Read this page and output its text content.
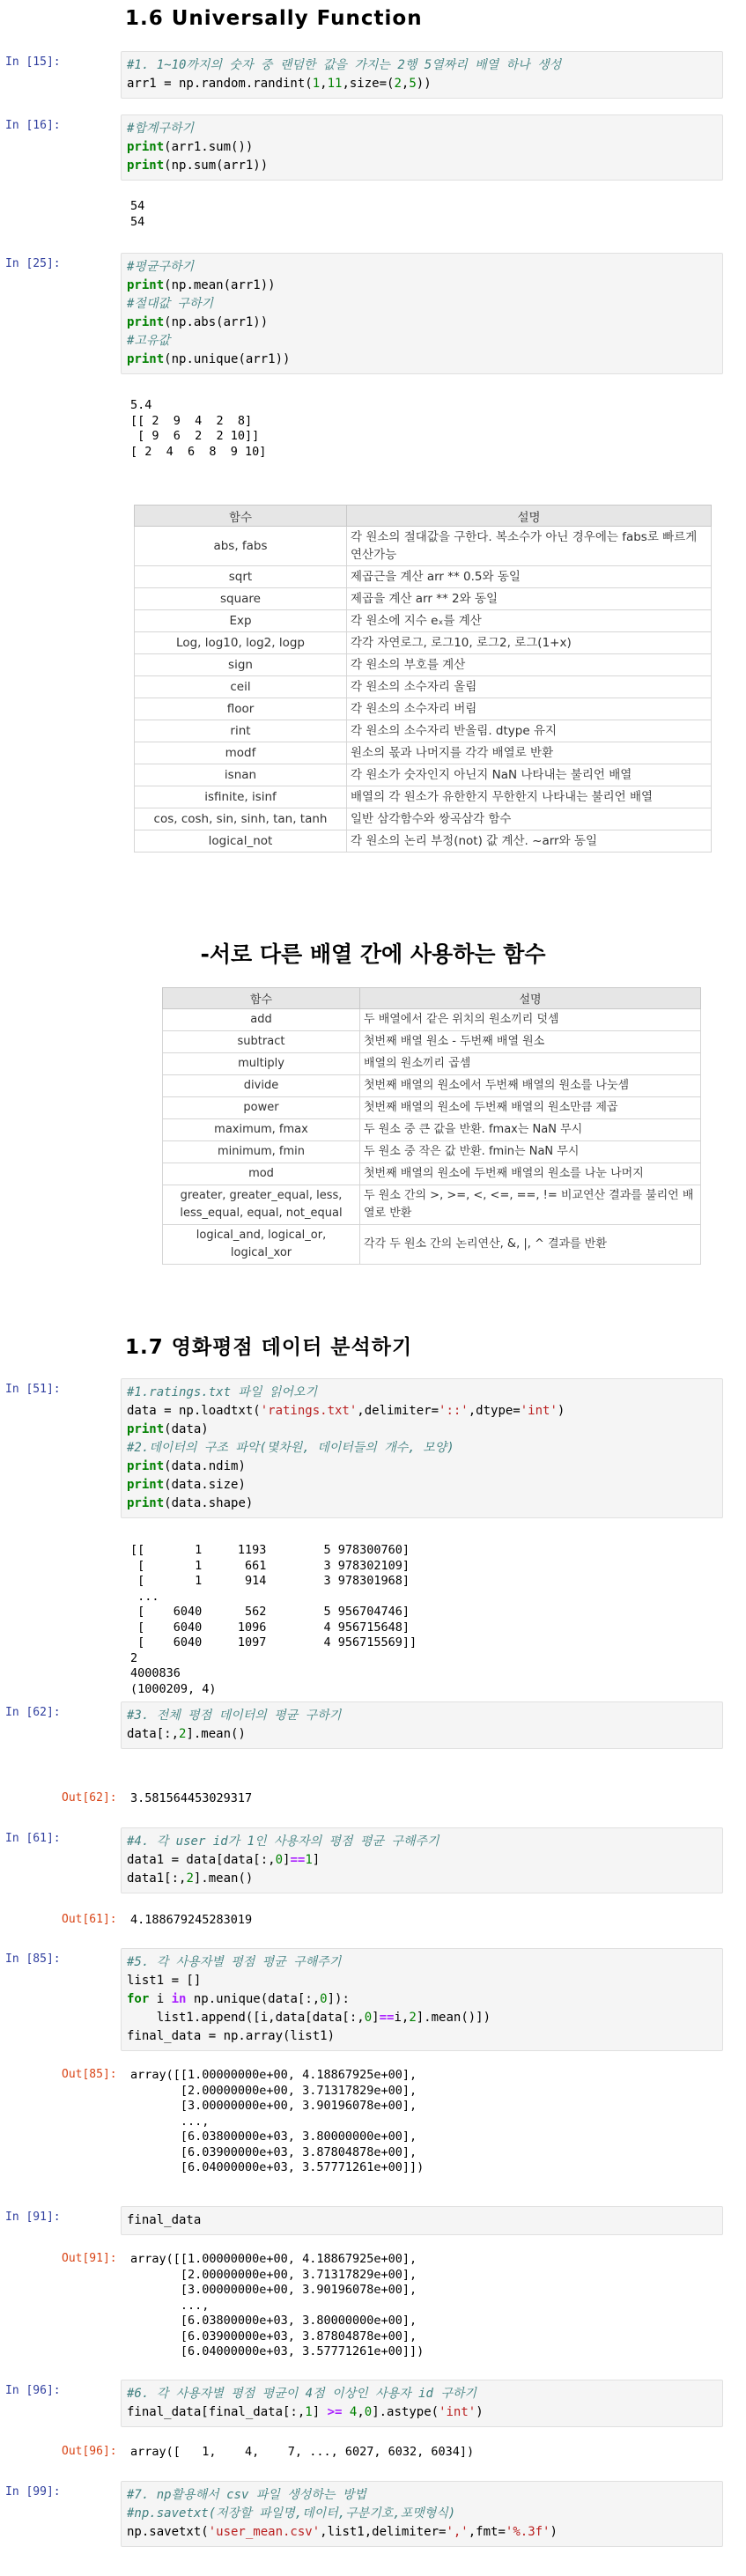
1.6 Universally Function
In [15]:	#1. 1~10까지의 숫자 중 랜덤한 값을 가지는 2행 5열짜리 배열 하나 생성
arr1 = np.random.randint(1,11,size=(2,5))
In [16]:	#합계구하기
print(arr1.sum())
print(np.sum(arr1))
54
54
In [25]:	#평균구하기
print(np.mean(arr1))
#절대값 구하기
print(np.abs(arr1))
#고유값
print(np.unique(arr1))
5.4
[[ 2  9  4  2  8]
[ 9  6  2  2 10]]
[ 2  4  6  8  9 10]
함수	설명
abs, fabs	각 원소의 절대값을 구한다. 복소수가 아닌 경우에는 fabs로 빠르게 연산가능
sqrt	제곱근을 계산 arr ** 0.5와 동일
square	제곱을 계산 arr ** 2와 동일
Exp	각 원소에 지수 eₓ를 계산
Log, log10, log2, logp	각각 자연로그, 로그10, 로그2, 로그(1+x)
sign	각 원소의 부호를 계산
ceil	각 원소의 소수자리 올림
floor	각 원소의 소수자리 버림
rint	각 원소의 소수자리 반올림. dtype 유지
modf	원소의 몫과 나머지를 각각 배열로 반환
isnan	각 원소가 숫자인지 아닌지 NaN 나타내는 불리언 배열
isfinite, isinf	배열의 각 원소가 유한한지 무한한지 나타내는 불리언 배열
cos, cosh, sin, sinh, tan, tanh	일반 삼각함수와 쌍곡삼각 함수
logical_not	각 원소의 논리 부정(not) 값 계산. ~arr와 동일
-서로 다른 배열 간에 사용하는 함수
함수	설명
add	두 배열에서 같은 위치의 원소끼리 덧셈
subtract	첫번째 배열 원소 - 두번째 배열 원소
multiply	배열의 원소끼리 곱셈
divide	첫번째 배열의 원소에서 두번째 배열의 원소를 나눗셈
power	첫번째 배열의 원소에 두번째 배열의 원소만큼 제곱
maximum, fmax	두 원소 중 큰 값을 반환. fmax는 NaN 무시
minimum, fmin	두 원소 중 작은 값 반환. fmin는 NaN 무시
mod	첫번째 배열의 원소에 두번째 배열의 원소를 나눈 나머지
greater, greater_equal, less, less_equal, equal, not_equal	두 원소 간의 >, >=, <, <=, ==, != 비교연산 결과를 불리언 배열로 반환
logical_and, logical_or, logical_xor	각각 두 원소 간의 논리연산, &, |, ^ 결과를 반환
1.7 영화평점 데이터 분석하기
In [51]:	#1.ratings.txt 파일 읽어오기
data = np.loadtxt('ratings.txt',delimiter='::',dtype='int')
print(data)
#2.데이터의 구조 파악(몇차원, 데이터들의 개수, 모양)
print(data.ndim)
print(data.size)
print(data.shape)
[[       1     1193        5 978300760]
[       1      661        3 978302109]
[       1      914        3 978301968]
...
[    6040      562        5 956704746]
[    6040     1096        4 956715648]
[    6040     1097        4 956715569]]
2
4000836
(1000209, 4)
In [62]:	#3. 전체 평점 데이터의 평균 구하기
data[:,2].mean()
Out[62]:	3.581564453029317
In [61]:	#4. 각 user id가 1인 사용자의 평점 평균 구해주기
data1 = data[data[:,0]==1]
data1[:,2].mean()
Out[61]:	4.188679245283019
In [85]:	#5. 각 사용자별 평점 평균 구해주기
list1 = []
for i in np.unique(data[:,0]):
list1.append([i,data[data[:,0]==i,2].mean()])
final_data = np.array(list1)
Out[85]:	array([[1.00000000e+00, 4.18867925e+00],
[2.00000000e+00, 3.71317829e+00],
[3.00000000e+00, 3.90196078e+00],
...,
[6.03800000e+03, 3.80000000e+00],
[6.03900000e+03, 3.87804878e+00],
[6.04000000e+03, 3.57771261e+00]])
In [91]:	final_data
Out[91]:	array([[1.00000000e+00, 4.18867925e+00],
[2.00000000e+00, 3.71317829e+00],
[3.00000000e+00, 3.90196078e+00],
...,
[6.03800000e+03, 3.80000000e+00],
[6.03900000e+03, 3.87804878e+00],
[6.04000000e+03, 3.57771261e+00]])
In [96]:	#6. 각 사용자별 평점 평균이 4점 이상인 사용자 id 구하기
final_data[final_data[:,1] >= 4,0].astype('int')
Out[96]:	array([   1,    4,    7, ..., 6027, 6032, 6034])
In [99]:	#7. np활용해서 csv 파일 생성하는 방법
#np.savetxt(저장할 파일명,데이터,구분기호,포맷형식)
np.savetxt('user_mean.csv',list1,delimiter=',',fmt='%.3f')
